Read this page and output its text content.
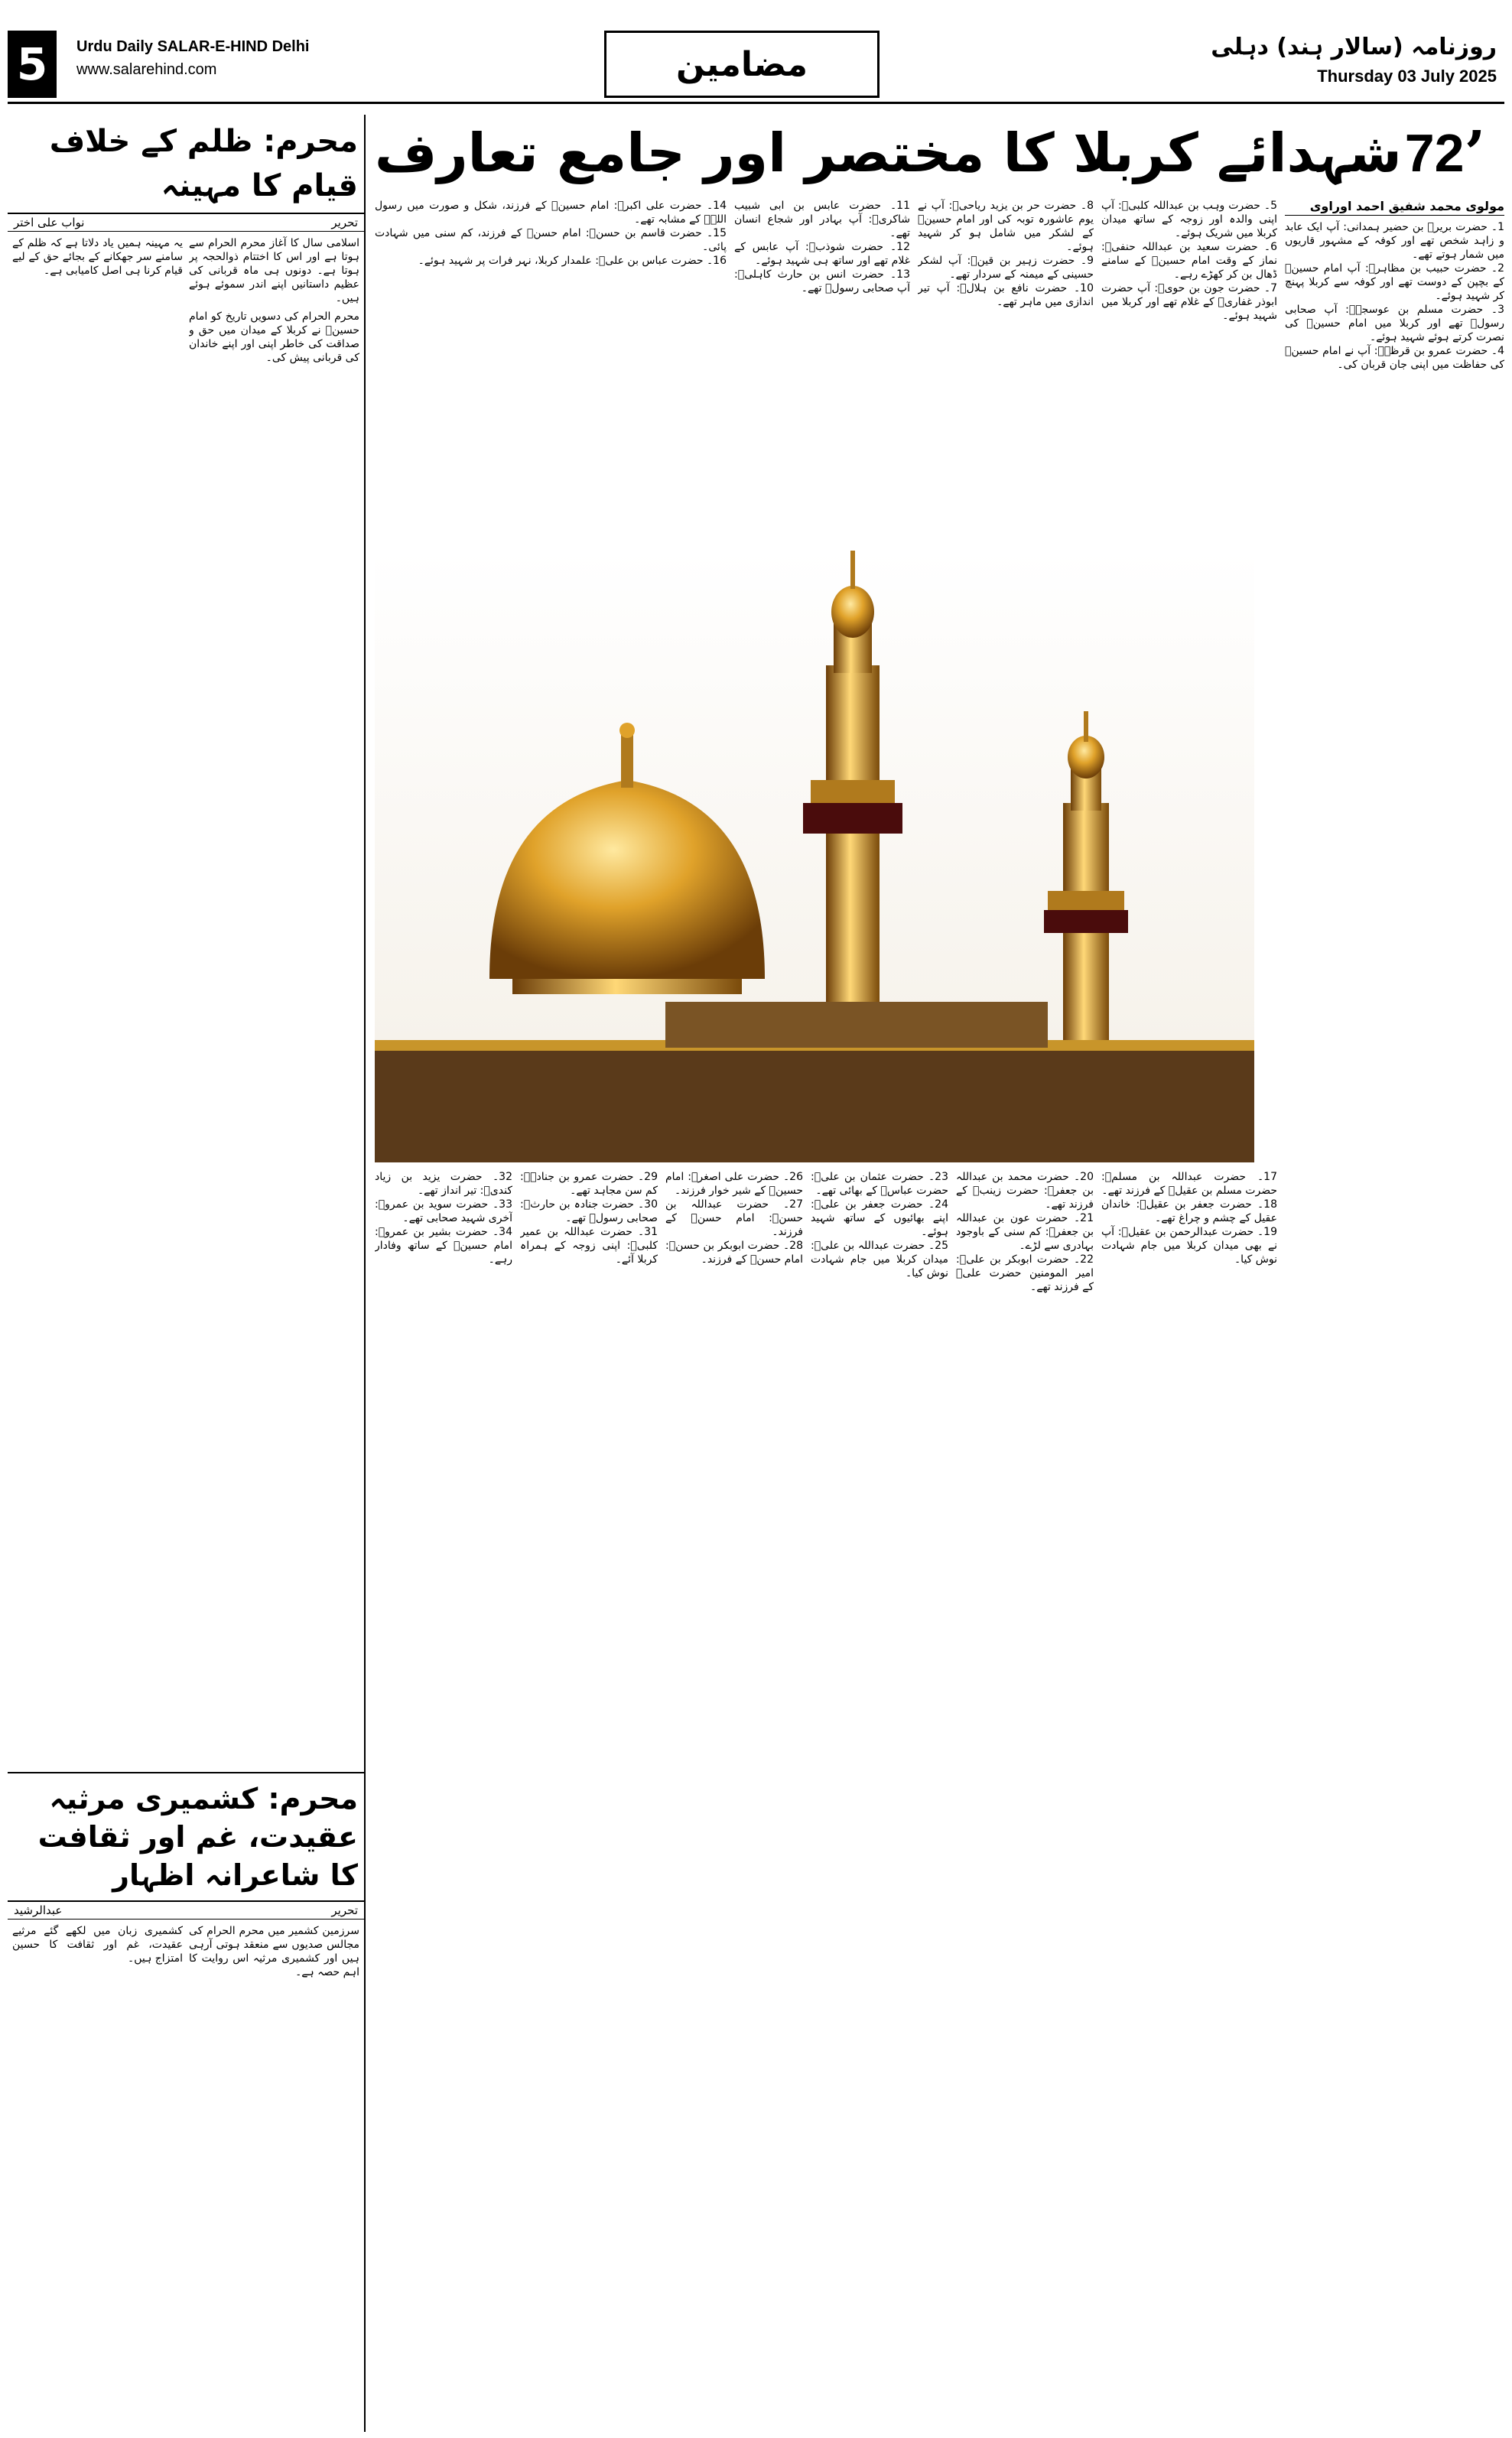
5	Urdu Daily SALAR-E-HIND Delhi
www.salarehind.com	مضامین	روزنامہ (سالار ہند) دہلی
Thursday 03 July 2025
محرم: ظلم کے خلاف قیام کا مہینہ
تحریر
نواب علی اختر

اسلامی سال کا آغاز محرم الحرام سے ہوتا ہے اور اس کا اختتام ذوالحجہ پر ہوتا ہے۔ دونوں ہی ماہ قربانی کی عظیم داستانیں اپنے اندر سموئے ہوئے ہیں۔

محرم الحرام کی دسویں تاریخ کو امام حسینؓ نے کربلا کے میدان میں حق و صداقت کی خاطر اپنی اور اپنے خاندان کی قربانی پیش کی۔

یہ مہینہ ہمیں یاد دلاتا ہے کہ ظلم کے سامنے سر جھکانے کے بجائے حق کے لیے قیام کرنا ہی اصل کامیابی ہے۔

محرم: کشمیری مرثیہ عقیدت، غم اور ثقافت کا شاعرانہ اظہار
تحریر
عبدالرشید

سرزمین کشمیر میں محرم الحرام کی مجالس صدیوں سے منعقد ہوتی آرہی ہیں اور کشمیری مرثیہ اس روایت کا اہم حصہ ہے۔

کشمیری زبان میں لکھے گئے مرثیے عقیدت، غم اور ثقافت کا حسین امتزاج ہیں۔

’
72
شہدائے کربلا کا مختصر اور جامع تعارف
مولوی محمد شفیق احمد اوراوی

1۔ حضرت بریرؓ بن حضیر ہمدانی: آپ ایک عابد و زاہد شخص تھے اور کوفہ کے مشہور قاریوں میں شمار ہوتے تھے۔

2۔ حضرت حبیب بن مظاہرؓ: آپ امام حسینؓ کے بچپن کے دوست تھے اور کوفہ سے کربلا پہنچ کر شہید ہوئے۔

3۔ حضرت مسلم بن عوسجہؓ: آپ صحابی رسولؐ تھے اور کربلا میں امام حسینؓ کی نصرت کرتے ہوئے شہید ہوئے۔

4۔ حضرت عمرو بن قرظہؓ: آپ نے امام حسینؓ کی حفاظت میں اپنی جان قربان کی۔

5۔ حضرت وہب بن عبداللہ کلبیؓ: آپ اپنی والدہ اور زوجہ کے ساتھ میدان کربلا میں شریک ہوئے۔

6۔ حضرت سعید بن عبداللہ حنفیؓ: نماز کے وقت امام حسینؓ کے سامنے ڈھال بن کر کھڑے رہے۔

7۔ حضرت جون بن حویؓ: آپ حضرت ابوذر غفاریؓ کے غلام تھے اور کربلا میں شہید ہوئے۔

8۔ حضرت حر بن یزید ریاحیؓ: آپ نے یوم عاشورہ توبہ کی اور امام حسینؓ کے لشکر میں شامل ہو کر شہید ہوئے۔

9۔ حضرت زہیر بن قینؓ: آپ لشکر حسینی کے میمنہ کے سردار تھے۔

10۔ حضرت نافع بن ہلالؓ: آپ تیر اندازی میں ماہر تھے۔

11۔ حضرت عابس بن ابی شبیب شاکریؓ: آپ بہادر اور شجاع انسان تھے۔

12۔ حضرت شوذبؓ: آپ عابس کے غلام تھے اور ساتھ ہی شہید ہوئے۔

13۔ حضرت انس بن حارث کاہلیؓ: آپ صحابی رسولؐ تھے۔

14۔ حضرت علی اکبرؓ: امام حسینؓ کے فرزند، شکل و صورت میں رسول اللہؐ کے مشابہ تھے۔

15۔ حضرت قاسم بن حسنؓ: امام حسنؓ کے فرزند، کم سنی میں شہادت پائی۔

16۔ حضرت عباس بن علیؓ: علمدار کربلا، نہر فرات پر شہید ہوئے۔

17۔ حضرت عبداللہ بن مسلمؓ: حضرت مسلم بن عقیلؓ کے فرزند تھے۔

18۔ حضرت جعفر بن عقیلؓ: خاندان عقیل کے چشم و چراغ تھے۔

19۔ حضرت عبدالرحمن بن عقیلؓ: آپ نے بھی میدان کربلا میں جام شہادت نوش کیا۔

20۔ حضرت محمد بن عبداللہ بن جعفرؓ: حضرت زینبؓ کے فرزند تھے۔

21۔ حضرت عون بن عبداللہ بن جعفرؓ: کم سنی کے باوجود بہادری سے لڑے۔

22۔ حضرت ابوبکر بن علیؓ: امیر المومنین حضرت علیؓ کے فرزند تھے۔

23۔ حضرت عثمان بن علیؓ: حضرت عباسؓ کے بھائی تھے۔

24۔ حضرت جعفر بن علیؓ: اپنے بھائیوں کے ساتھ شہید ہوئے۔

25۔ حضرت عبداللہ بن علیؓ: میدان کربلا میں جام شہادت نوش کیا۔

26۔ حضرت علی اصغرؓ: امام حسینؓ کے شیر خوار فرزند۔

27۔ حضرت عبداللہ بن حسنؓ: امام حسنؓ کے فرزند۔

28۔ حضرت ابوبکر بن حسنؓ: امام حسنؓ کے فرزند۔

29۔ حضرت عمرو بن جنادہؓ: کم سن مجاہد تھے۔

30۔ حضرت جنادہ بن حارثؓ: صحابی رسولؐ تھے۔

31۔ حضرت عبداللہ بن عمیر کلبیؓ: اپنی زوجہ کے ہمراہ کربلا آئے۔

32۔ حضرت یزید بن زیاد کندیؓ: تیر انداز تھے۔

33۔ حضرت سوید بن عمروؓ: آخری شہید صحابی تھے۔

34۔ حضرت بشیر بن عمروؓ: امام حسینؓ کے ساتھ وفادار رہے۔
